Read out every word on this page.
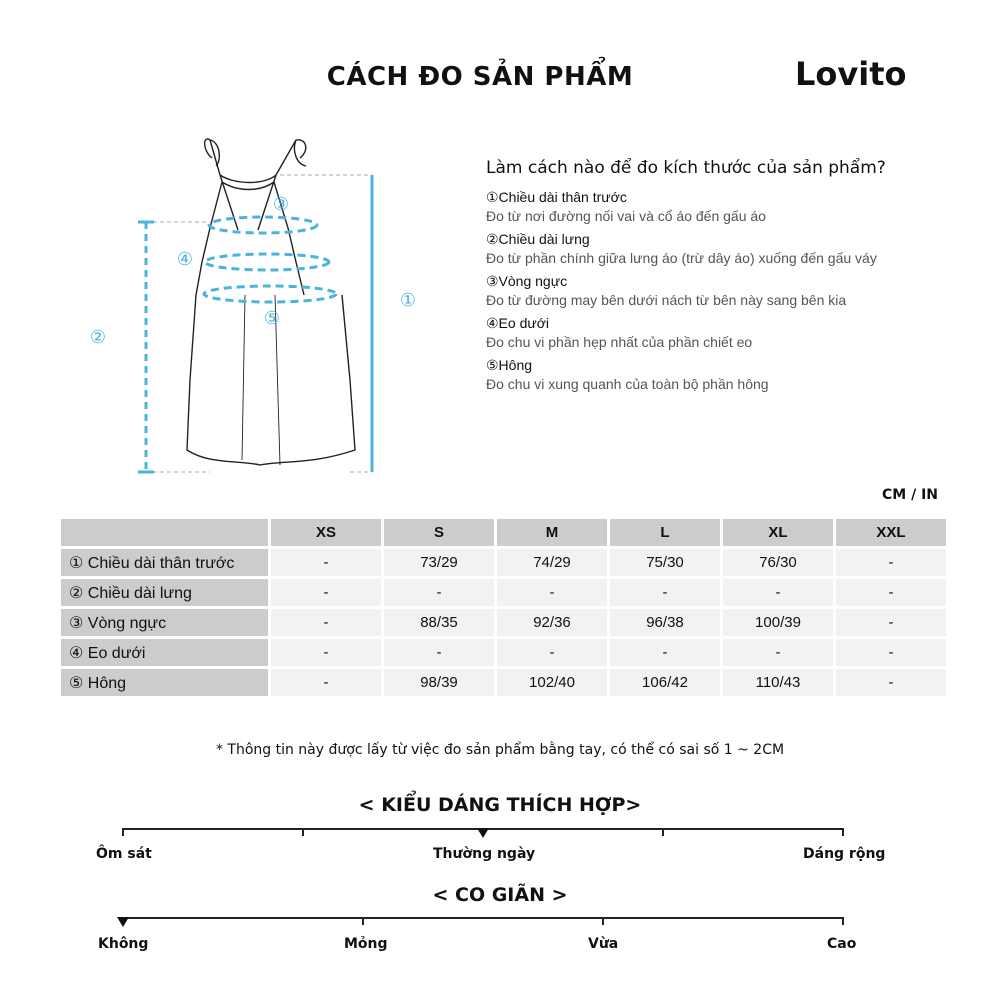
CÁCH ĐO SẢN PHẨM	Lovito
①
②
③
④
⑤
Làm cách nào để đo kích thước của sản phẩm?
①Chiều dài thân trước
Đo từ nơi đường nối vai và cổ áo đến gấu áo
②Chiều dài lưng
Đo từ phần chính giữa lưng áo (trừ dây áo) xuống đến gấu váy
③Vòng ngực
Đo từ đường may bên dưới nách từ bên này sang bên kia
④Eo dưới
Đo chu vi phần hẹp nhất của phần chiết eo
⑤Hông
Đo chu vi xung quanh của toàn bộ phần hông
CM / IN
	XS	S	M	L	XL	XXL
① Chiều dài thân trước	-	73/29	74/29	75/30	76/30	-
② Chiều dài lưng	-	-	-	-	-	-
③ Vòng ngực	-	88/35	92/36	96/38	100/39	-
④ Eo dưới	-	-	-	-	-	-
⑤ Hông	-	98/39	102/40	106/42	110/43	-
* Thông tin này được lấy từ việc đo sản phẩm bằng tay, có thể có sai số 1 ~ 2CM
< KIỂU DÁNG THÍCH HỢP>
Ôm sát	Thường ngày	Dáng rộng
< CO GIÃN >
Không	Mỏng	Vừa	Cao
